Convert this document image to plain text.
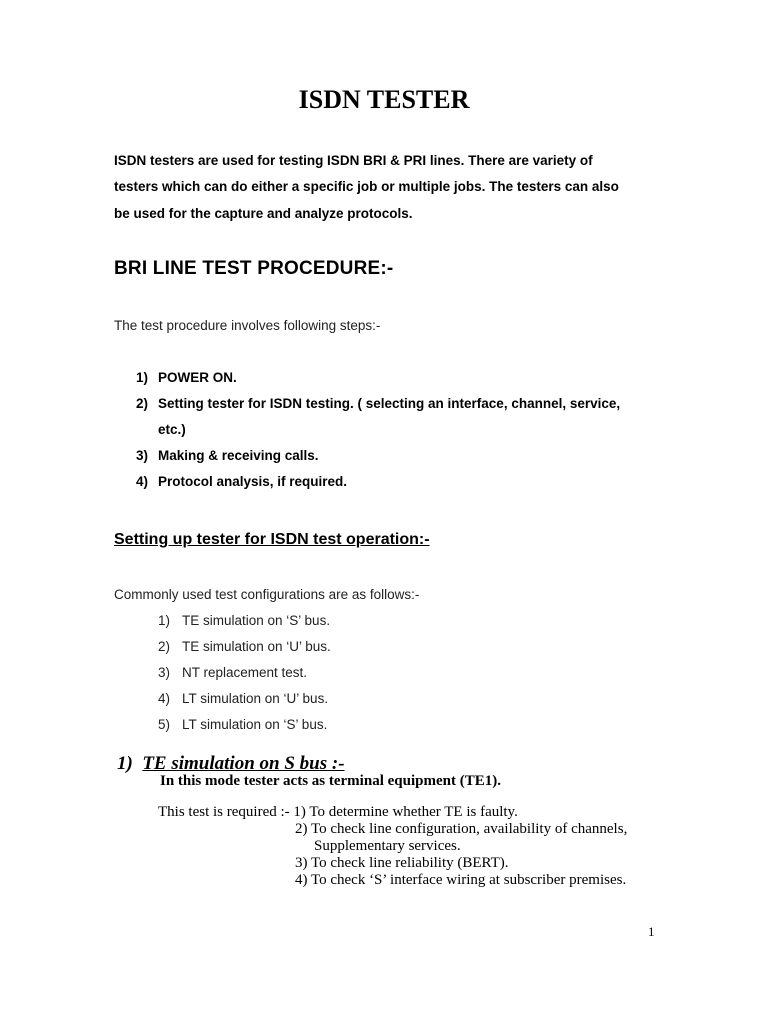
ISDN TESTER
ISDN testers are used for testing ISDN BRI & PRI lines. There are variety of
testers which can do either a specific job or multiple jobs. The testers can also
be used for the capture and analyze protocols.
BRI LINE TEST PROCEDURE:-
The test procedure involves following steps:-
1) POWER ON.
2) Setting tester for ISDN testing. ( selecting an interface, channel, service,
etc.)
3) Making & receiving calls.
4) Protocol analysis, if required.
Setting up tester for ISDN test operation:-
Commonly used test configurations are as follows:-
1) TE simulation on ‘S’ bus.
2) TE simulation on ‘U’ bus.
3) NT replacement test.
4) LT simulation on ‘U’ bus.
5) LT simulation on ‘S’ bus.
1) TE simulation on S bus :-
In this mode tester acts as terminal equipment (TE1).
This test is required :- 1) To determine whether TE is faulty.
2) To check line configuration, availability of channels,
Supplementary services.
3) To check line reliability (BERT).
4) To check ‘S’ interface wiring at subscriber premises.
1
